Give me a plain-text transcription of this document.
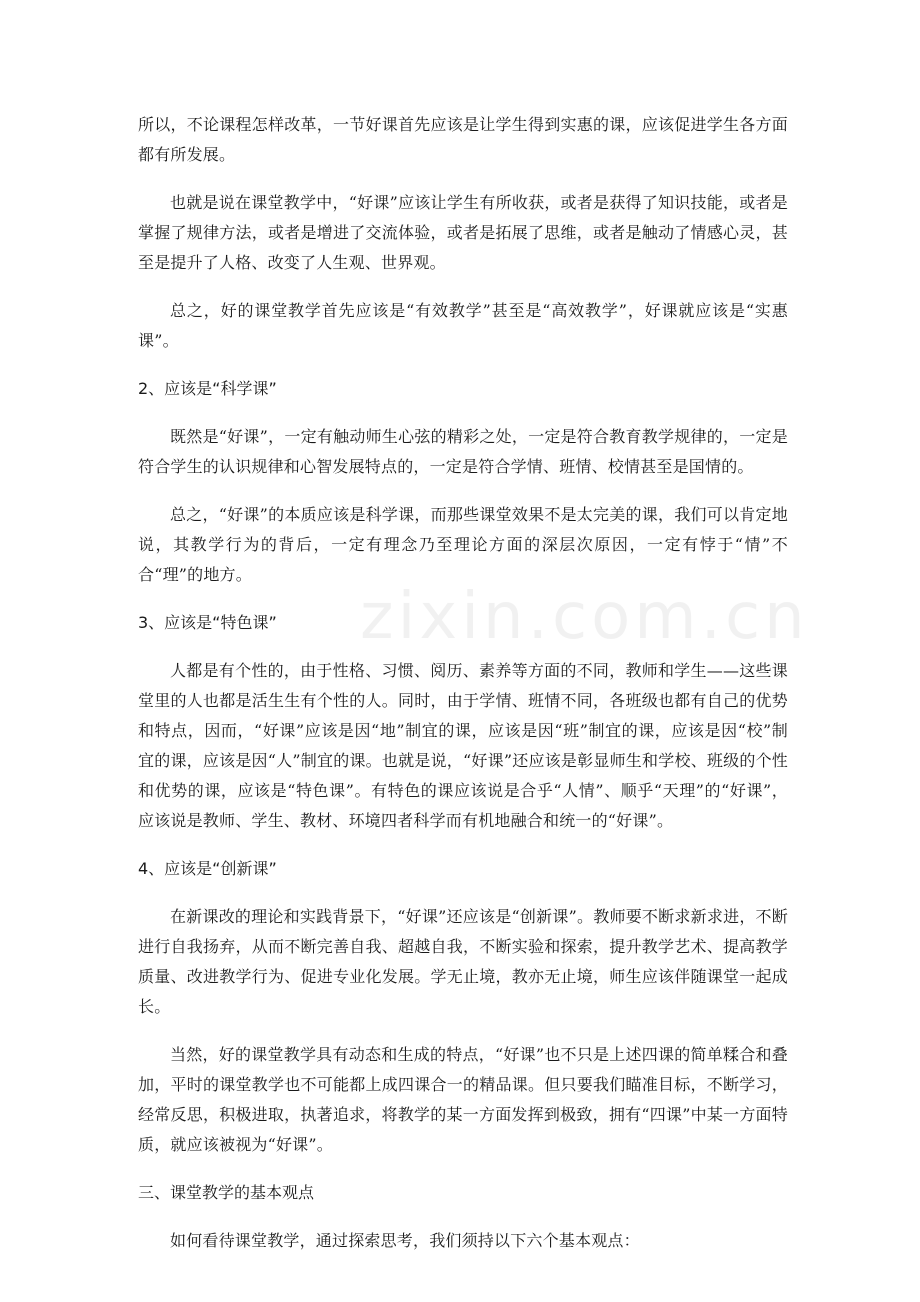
zixin.com.cn

所以，不论课程怎样改革，一节好课首先应该是让学生得到实惠的课，应该促进学生各方面都有所发展。

也就是说在课堂教学中，“好课”应该让学生有所收获，或者是获得了知识技能，或者是掌握了规律方法，或者是增进了交流体验，或者是拓展了思维，或者是触动了情感心灵，甚至是提升了人格、改变了人生观、世界观。

总之，好的课堂教学首先应该是“有效教学”甚至是“高效教学”，好课就应该是“实惠课”。

2、应该是“科学课”

既然是“好课”，一定有触动师生心弦的精彩之处，一定是符合教育教学规律的，一定是符合学生的认识规律和心智发展特点的，一定是符合学情、班情、校情甚至是国情的。

总之，“好课”的本质应该是科学课，而那些课堂效果不是太完美的课，我们可以肯定地说，其教学行为的背后，一定有理念乃至理论方面的深层次原因，一定有悖于“情”不合“理”的地方。

3、应该是“特色课”

人都是有个性的，由于性格、习惯、阅历、素养等方面的不同，教师和学生——这些课堂里的人也都是活生生有个性的人。同时，由于学情、班情不同，各班级也都有自己的优势和特点，因而，“好课”应该是因“地”制宜的课，应该是因“班”制宜的课，应该是因“校”制宜的课，应该是因“人”制宜的课。也就是说，“好课”还应该是彰显师生和学校、班级的个性和优势的课，应该是“特色课”。有特色的课应该说是合乎“人情”、顺乎“天理”的“好课”，应该说是教师、学生、教材、环境四者科学而有机地融合和统一的“好课”。

4、应该是“创新课”

在新课改的理论和实践背景下，“好课”还应该是“创新课”。教师要不断求新求进，不断进行自我扬弃，从而不断完善自我、超越自我，不断实验和探索，提升教学艺术、提高教学质量、改进教学行为、促进专业化发展。学无止境，教亦无止境，师生应该伴随课堂一起成长。

当然，好的课堂教学具有动态和生成的特点，“好课”也不只是上述四课的简单糅合和叠加，平时的课堂教学也不可能都上成四课合一的精品课。但只要我们瞄准目标，不断学习，经常反思，积极进取，执著追求，将教学的某一方面发挥到极致，拥有“四课”中某一方面特质，就应该被视为“好课”。

三、课堂教学的基本观点

如何看待课堂教学，通过探索思考，我们须持以下六个基本观点：
